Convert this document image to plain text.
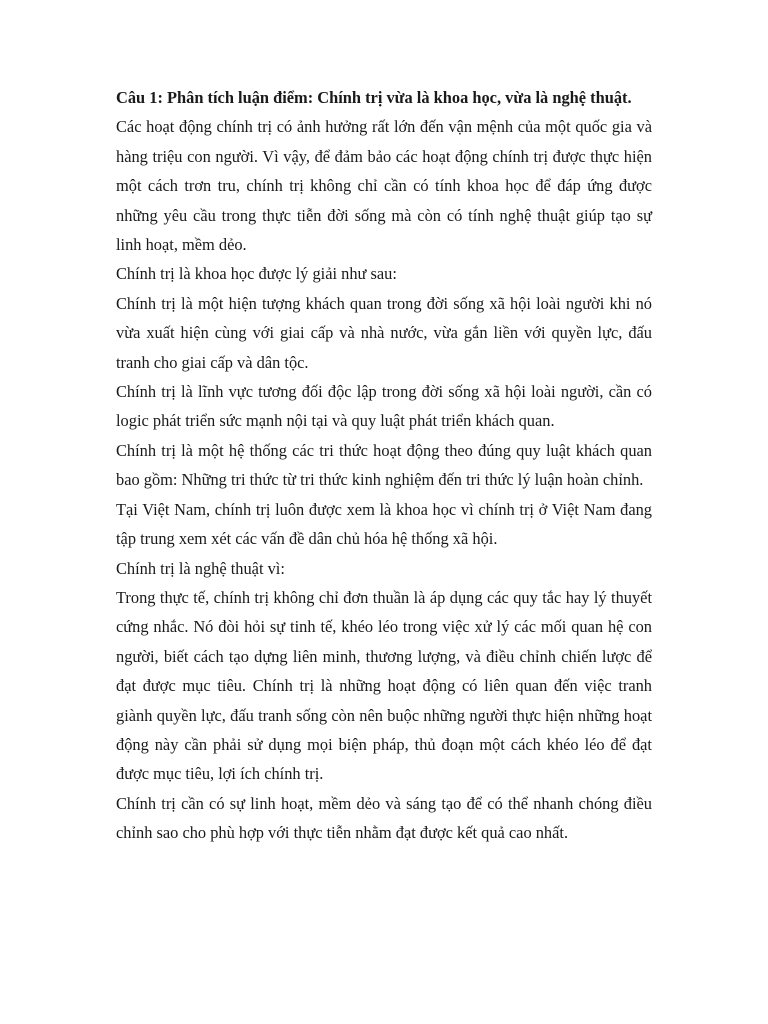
Câu 1: Phân tích luận điểm: Chính trị vừa là khoa học, vừa là nghệ thuật.

Các hoạt động chính trị có ảnh hưởng rất lớn đến vận mệnh của một quốc gia và hàng triệu con người. Vì vậy, để đảm bảo các hoạt động chính trị được thực hiện một cách trơn tru, chính trị không chỉ cần có tính khoa học để đáp ứng được những yêu cầu trong thực tiễn đời sống mà còn có tính nghệ thuật giúp tạo sự linh hoạt, mềm dẻo.

Chính trị là khoa học được lý giải như sau:

Chính trị là một hiện tượng khách quan trong đời sống xã hội loài người khi nó vừa xuất hiện cùng với giai cấp và nhà nước, vừa gắn liền với quyền lực, đấu tranh cho giai cấp và dân tộc.

Chính trị là lĩnh vực tương đối độc lập trong đời sống xã hội loài người, cần có logic phát triển sức mạnh nội tại và quy luật phát triển khách quan.

Chính trị là một hệ thống các tri thức hoạt động theo đúng quy luật khách quan bao gồm: Những tri thức từ tri thức kinh nghiệm đến tri thức lý luận hoàn chỉnh.

Tại Việt Nam, chính trị luôn được xem là khoa học vì chính trị ở Việt Nam đang tập trung xem xét các vấn đề dân chủ hóa hệ thống xã hội.

Chính trị là nghệ thuật vì:

Trong thực tế, chính trị không chỉ đơn thuần là áp dụng các quy tắc hay lý thuyết cứng nhắc. Nó đòi hỏi sự tinh tế, khéo léo trong việc xử lý các mối quan hệ con người, biết cách tạo dựng liên minh, thương lượng, và điều chỉnh chiến lược để đạt được mục tiêu. Chính trị là những hoạt động có liên quan đến việc tranh giành quyền lực, đấu tranh sống còn nên buộc những người thực hiện những hoạt động này cần phải sử dụng mọi biện pháp, thủ đoạn một cách khéo léo để đạt được mục tiêu, lợi ích chính trị.

Chính trị cần có sự linh hoạt, mềm dẻo và sáng tạo để có thể nhanh chóng điều chỉnh sao cho phù hợp với thực tiễn nhằm đạt được kết quả cao nhất.
